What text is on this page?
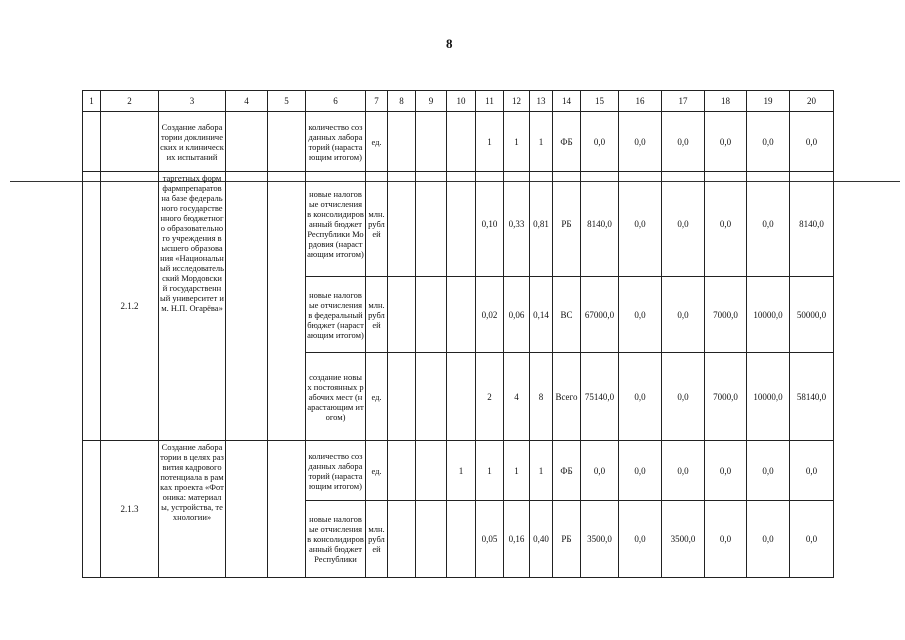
8
1	2	3	4	5	6	7	8	9	10	11	12	13	14	15	16	17	18	19	20
		Создание лаборатории доклинических и клинических испытаний			количество созданных лабораторий (нарастающим итогом)	ед.				1	1	1	ФБ	0,0	0,0	0,0	0,0	0,0	0,0
	2.1.2	таргетных форм фармпрепаратов на базе федерального государственного бюджетного образовательного учреждения высшего образования «Национальный исследовательский Мордовский государственный университет им. Н.П. Огарёва»			новые налоговые отчисления в консолидированный бюджет Республики Мордовия (нарастающим итогом)	млн. рублей				0,10	0,33	0,81	РБ	8140,0	0,0	0,0	0,0	0,0	8140,0
					новые налоговые отчисления в федеральный бюджет (нарастающим итогом)	млн. рублей				0,02	0,06	0,14	ВС	67000,0	0,0	0,0	7000,0	10000,0	50000,0
					создание новых постоянных рабочих мест (нарастающим итогом)	ед.				2	4	8	Всего	75140,0	0,0	0,0	7000,0	10000,0	58140,0
	2.1.3	Создание лаборатории в целях развития кадрового потенциала в рамках проекта «Фотоника: материалы, устройства, технологии»			количество созданных лабораторий (нарастающим итогом)	ед.			1	1	1	1	ФБ	0,0	0,0	0,0	0,0	0,0	0,0
					новые налоговые отчисления в консолидированный бюджет Республики	млн. рублей				0,05	0,16	0,40	РБ	3500,0	0,0	3500,0	0,0	0,0	0,0
